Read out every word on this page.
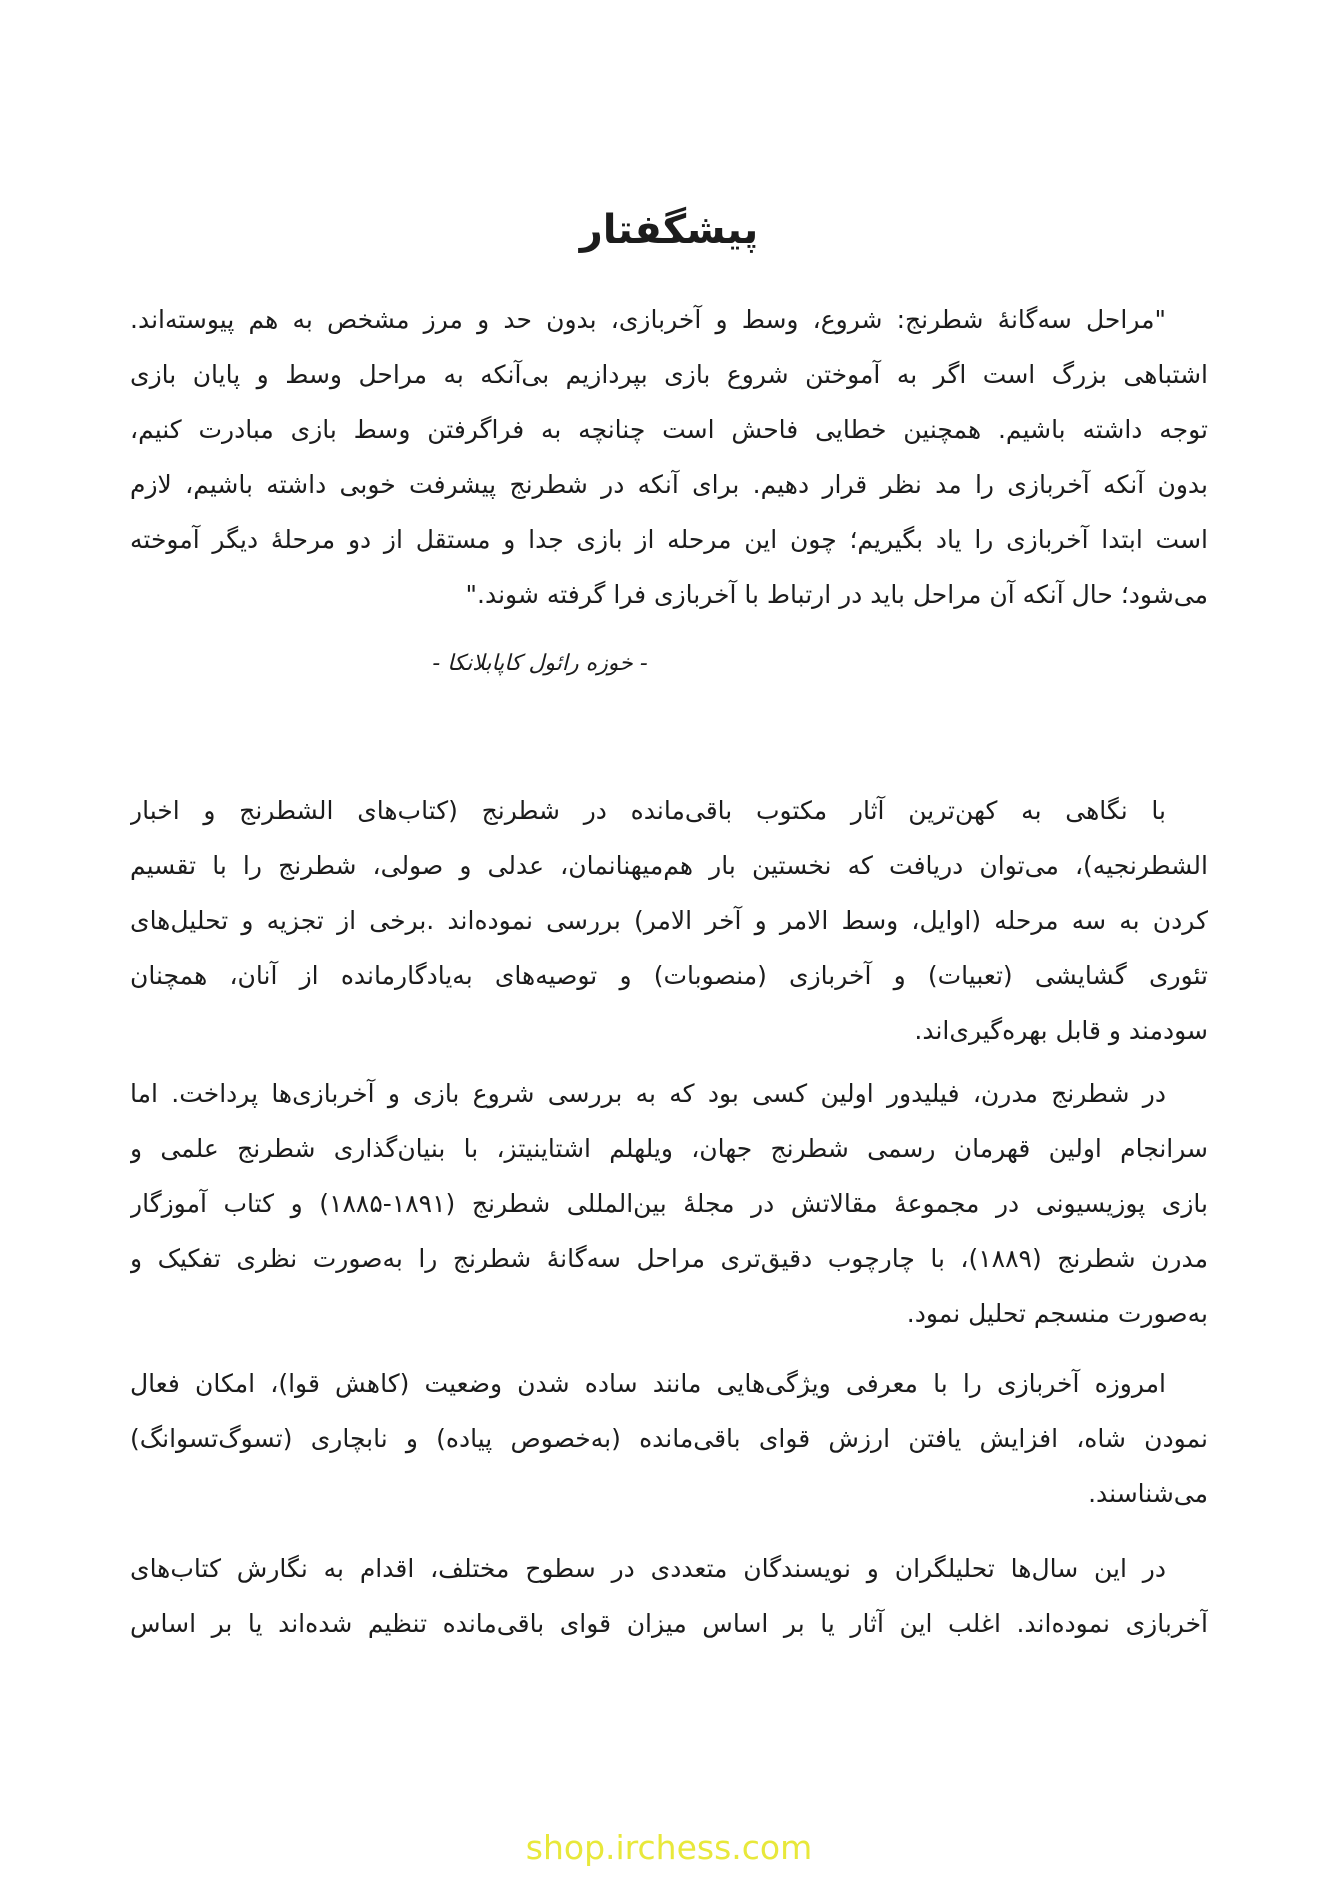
پیشگفتار
"مراحل سه‌گانهٔ شطرنج: شروع، وسط و آخربازی، بدون حد و مرز مشخص به هم پیوسته‌اند.
اشتباهی بزرگ است اگر به آموختن شروع بازی بپردازیم بی‌آنکه به مراحل وسط و پایان بازی
توجه داشته باشیم. همچنین خطایی فاحش است چنانچه به فراگرفتن وسط بازی مبادرت کنیم،
بدون آنکه آخربازی را مد نظر قرار دهیم. برای آنکه در شطرنج پیشرفت خوبی داشته باشیم، لازم
است ابتدا آخربازی را یاد بگیریم؛ چون این مرحله از بازی جدا و مستقل از دو مرحلهٔ دیگر آموخته
می‌شود؛ حال آنکه آن مراحل باید در ارتباط با آخربازی فرا گرفته شوند."
- خوزه رائول کاپابلانکا -
با نگاهی به کهن‌ترین آثار مکتوب باقی‌مانده در شطرنج (کتاب‌های الشطرنج و اخبار
الشطرنجیه)، می‌توان دریافت که نخستین بار هم‌میهنانمان، عدلی و صولی، شطرنج را با تقسیم
کردن به سه مرحله (اوایل، وسط الامر و آخر الامر) بررسی نموده‌اند .برخی از تجزیه و تحلیل‌های
تئوری گشایشی (تعبیات) و آخربازی (منصوبات) و توصیه‌های به‌یادگارمانده از آنان، همچنان
سودمند و قابل بهره‌گیری‌اند.
در شطرنج مدرن، فیلیدور اولین کسی بود که به بررسی شروع بازی و آخربازی‌ها پرداخت. اما
سرانجام اولین قهرمان رسمی شطرنج جهان، ویلهلم اشتاینیتز، با بنیان‌گذاری شطرنج علمی و
بازی پوزیسیونی در مجموعهٔ مقالاتش در مجلهٔ بین‌المللی شطرنج (۱۸۹۱-۱۸۸۵) و کتاب آموزگار
مدرن شطرنج (۱۸۸۹)، با چارچوب دقیق‌تری مراحل سه‌گانهٔ شطرنج را به‌صورت نظری تفکیک و
به‌صورت منسجم تحلیل نمود.
امروزه آخربازی را با معرفی ویژگی‌هایی مانند ساده شدن وضعیت (کاهش قوا)، امکان فعال
نمودن شاه، افزایش یافتن ارزش قوای باقی‌مانده (به‌خصوص پیاده) و نابچاری (تسوگ‌تسوانگ)
می‌شناسند.
در این سال‌ها تحلیلگران و نویسندگان متعددی در سطوح مختلف، اقدام به نگارش کتاب‌های
آخربازی نموده‌اند. اغلب این آثار یا بر اساس میزان قوای باقی‌مانده تنظیم شده‌اند یا بر اساس
shop.irchess.com
